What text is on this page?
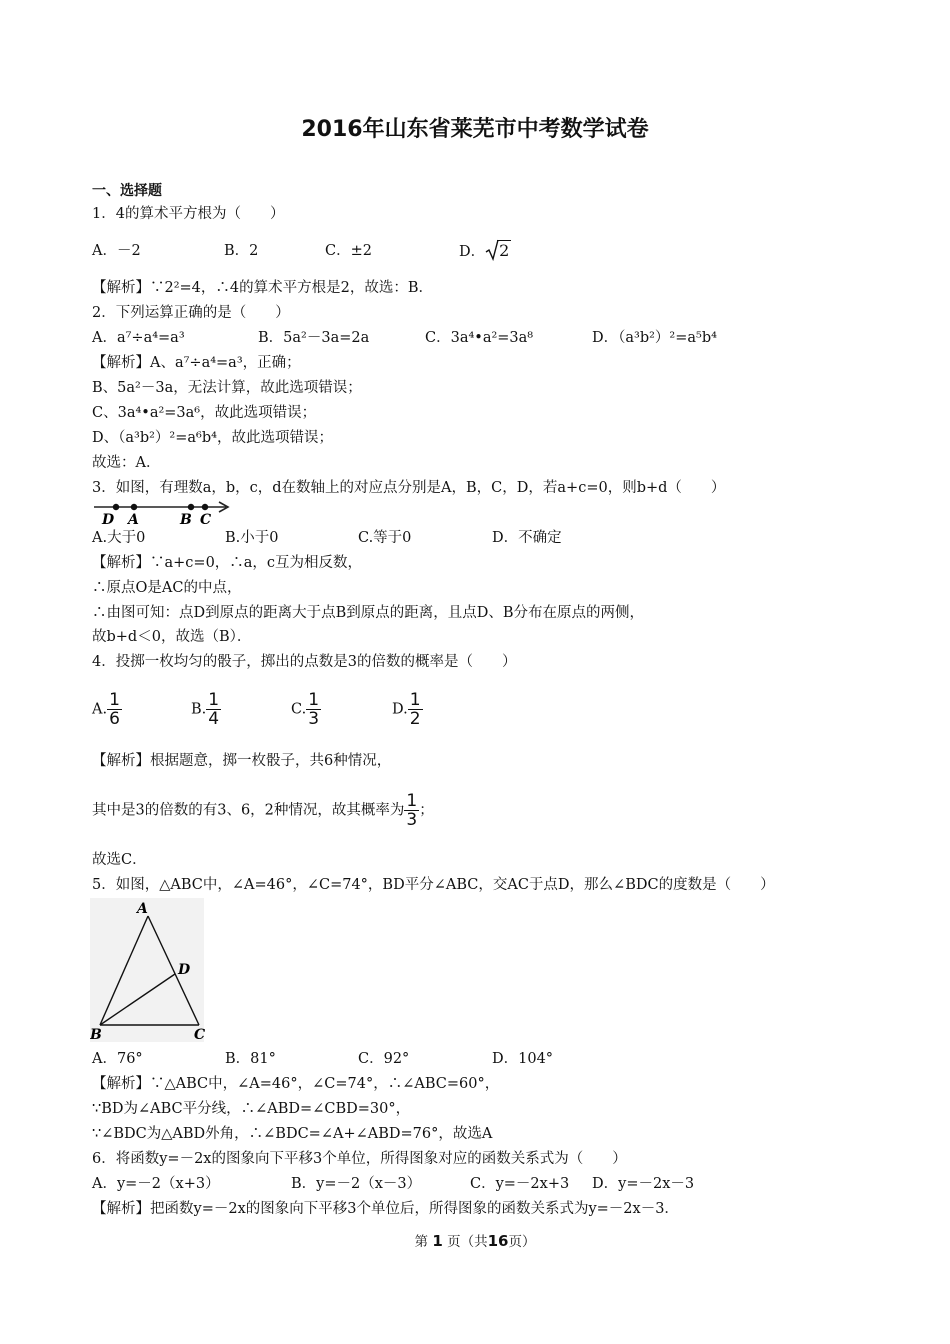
2016年山东省莱芜市中考数学试卷
一、选择题
1．4的算术平方根为（　　）
A．－2	B．2	C．±2	D． 2
【解析】∵2²=4，∴4的算术平方根是2，故选：B．
2．下列运算正确的是（　　）
A．a⁷÷a⁴=a³	B．5a²－3a=2a	C．3a⁴•a²=3a⁸	D．（a³b²）²=a⁵b⁴
【解析】A、a⁷÷a⁴=a³，正确；
B、5a²－3a，无法计算，故此选项错误；
C、3a⁴•a²=3a⁶，故此选项错误；
D、（a³b²）²=a⁶b⁴，故此选项错误；
故选：A．
3．如图，有理数a，b，c，d在数轴上的对应点分别是A，B，C，D，若a+c=0，则b+d（　　）
D A	B C
A.大于0	B.小于0	C.等于0	D．不确定
【解析】∵a+c=0，∴a，c互为相反数，
∴原点O是AC的中点，
∴由图可知：点D到原点的距离大于点B到原点的距离，且点D、B分布在原点的两侧，
故b+d＜0，故选（B）．
4．投掷一枚均匀的骰子，掷出的点数是3的倍数的概率是（　　）
A. $\frac{1}{6}$	B. $\frac{1}{4}$	C. $\frac{1}{3}$	D. $\frac{1}{2}$
【解析】根据题意，掷一枚骰子，共6种情况，
其中是3的倍数的有3、6，2种情况，故其概率为 $\frac{1}{3}$ ；
故选C．
5．如图，△ABC中，∠A=46°，∠C=74°，BD平分∠ABC，交AC于点D，那么∠BDC的度数是（　　）
A
D
B	C
A．76°	B．81°	C．92°	D．104°
【解析】∵△ABC中，∠A=46°，∠C=74°，∴∠ABC=60°，
∵BD为∠ABC平分线，∴∠ABD=∠CBD=30°，
∵∠BDC为△ABD外角，∴∠BDC=∠A+∠ABD=76°，故选A
6．将函数y=－2x的图象向下平移3个单位，所得图象对应的函数关系式为（　　）
A．y=－2（x+3）	B．y=－2（x－3）	C．y=－2x+3 D．y=－2x－3
【解析】把函数y=－2x的图象向下平移3个单位后，所得图象的函数关系式为y=－2x－3．
第 1 页（共16页）
